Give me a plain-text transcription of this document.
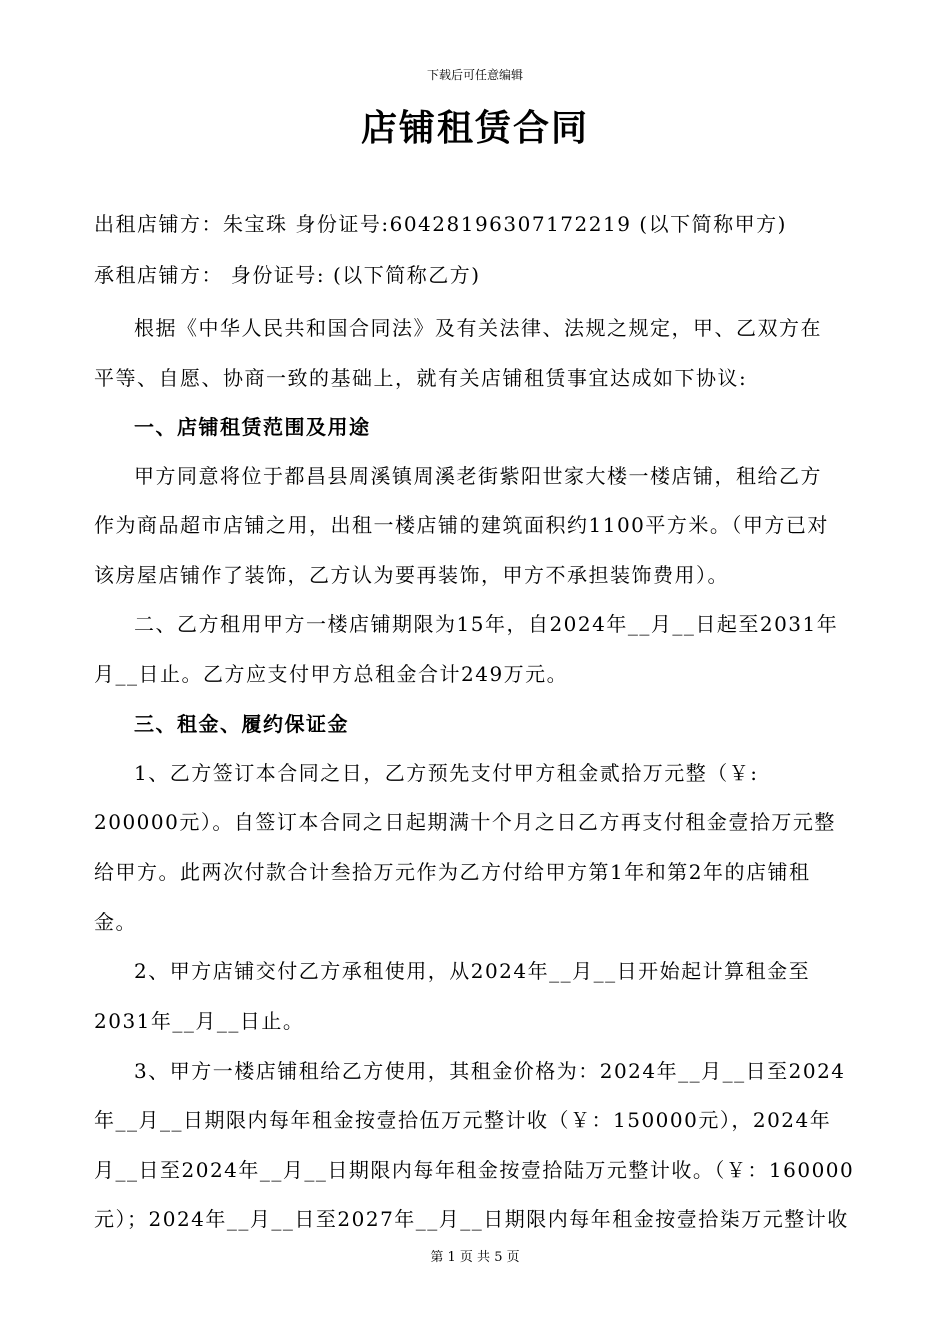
下载后可任意编辑
店铺租赁合同
出租店铺方：朱宝珠 身份证号:60428196307172219 (以下简称甲方)
承租店铺方： 身份证号: (以下简称乙方)
根据《中华人民共和国合同法》及有关法律、法规之规定，甲、乙双方在
平等、自愿、协商一致的基础上，就有关店铺租赁事宜达成如下协议:
一、店铺租赁范围及用途
甲方同意将位于都昌县周溪镇周溪老街紫阳世家大楼一楼店铺，租给乙方
作为商品超市店铺之用，出租一楼店铺的建筑面积约1100平方米。（甲方已对
该房屋店铺作了装饰，乙方认为要再装饰，甲方不承担装饰费用）。
二、乙方租用甲方一楼店铺期限为15年，自2024年__月__日起至2031年
月__日止。乙方应支付甲方总租金合计249万元。
三、租金、履约保证金
1、乙方签订本合同之日，乙方预先支付甲方租金贰拾万元整（￥:
200000元）。自签订本合同之日起期满十个月之日乙方再支付租金壹拾万元整
给甲方。此两次付款合计叁拾万元作为乙方付给甲方第1年和第2年的店铺租
金。
2、甲方店铺交付乙方承租使用，从2024年__月__日开始起计算租金至
2031年__月__日止。
3、甲方一楼店铺租给乙方使用，其租金价格为：2024年__月__日至2024
年__月__日期限内每年租金按壹拾伍万元整计收（￥：150000元），2024年
月__日至2024年__月__日期限内每年租金按壹拾陆万元整计收。（￥：160000
元）；2024年__月__日至2027年__月__日期限内每年租金按壹拾柒万元整计收
第 1 页 共 5 页
